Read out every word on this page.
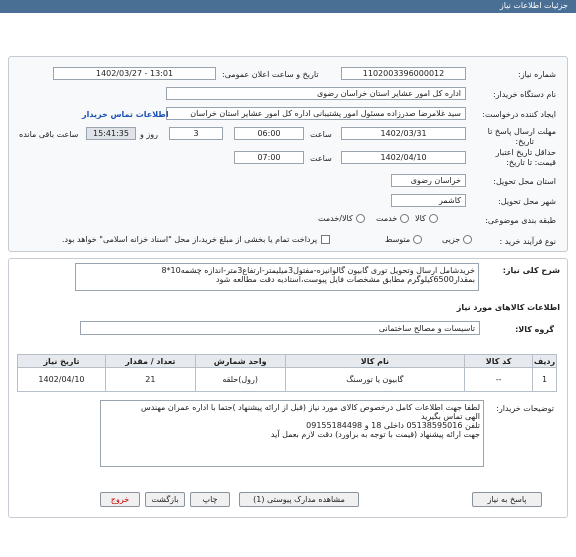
جزئیات اطلاعات نیاز
شماره نیاز:
1102003396000012
تاریخ و ساعت اعلان عمومی:
1402/03/27 - 13:01
نام دستگاه خریدار:
اداره کل امور عشایر استان خراسان رضوی
ایجاد کننده درخواست:
سید غلامرضا صدرزاده مسئول امور پشتیبانی اداره کل امور عشایر استان خراسان
اطلاعات تماس خریدار
مهلت ارسال پاسخ تا
تاریخ:
1402/03/31
ساعت
06:00
3
روز و
15:41:35
ساعت باقی مانده
حداقل تاریخ اعتبار
قیمت: تا تاریخ:
1402/04/10
ساعت
07:00
استان محل تحویل:
خراسان رضوی
شهر محل تحویل:
کاشمر
طبقه بندی موضوعی:
کالا
خدمت
کالا/خدمت
نوع فرآیند خرید :
جزیی
متوسط
پرداخت تمام یا بخشی از مبلغ خرید،از محل "اسناد خزانه اسلامی" خواهد بود.
شرح کلی نیاز:
خریدشامل ارسال وتحویل توری گابیون گالوانیزه-مفتول3میلیمتر-ارتفاع3متر-اندازه چشمه10*8
بمقدار6500کیلوگرم مطابق مشخصات فایل پیوست،استادیه دقت مطالعه شود
اطلاعات کالاهای مورد نیاز
گروه کالا:
تاسیسات و مصالح ساختمانی
ردیف	کد کالا	نام کالا	واحد شمارش	تعداد / مقدار	تاریخ نیاز
1	--	گابیون یا تورسنگ	(رول)حلقه	21	1402/04/10
توضیحات خریدار:
لطفا جهت اطلاعات کامل درخصوص کالای مورد نیاز (قبل از ارائه پیشنهاد )حتما با اداره عمران مهندس
الهی تماس بگیرید
تلفن 05138595016 داخلی 18 و 09155184498
جهت ارائه پیشنهاد (قیمت با توجه به براورد) دقت لازم بعمل آید
پاسخ به نیاز
مشاهده مدارک پیوستی (1)
چاپ
بازگشت
خروج
